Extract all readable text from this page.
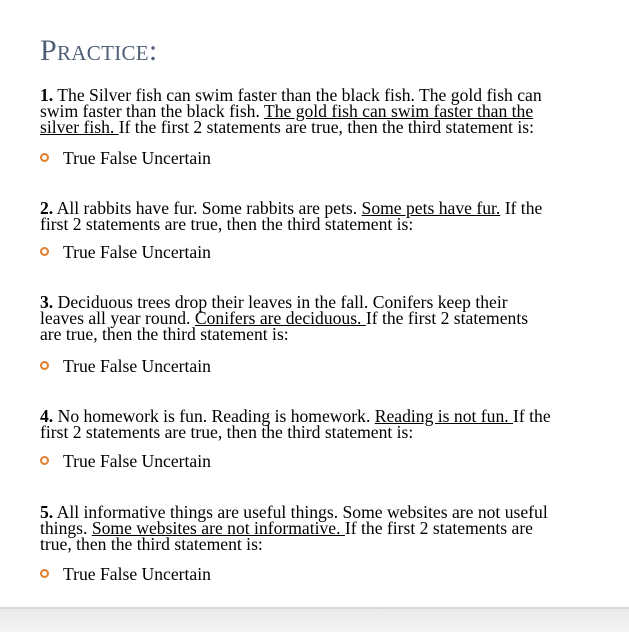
Practice:
1. The Silver fish can swim faster than the black fish. The gold fish can
swim faster than the black fish. The gold fish can swim faster than the
silver fish. If the first 2 statements are true, then the third statement is:
True False Uncertain
2. All rabbits have fur. Some rabbits are pets. Some pets have fur. If the
first 2 statements are true, then the third statement is:
True False Uncertain
3. Deciduous trees drop their leaves in the fall. Conifers keep their
leaves all year round. Conifers are deciduous. If the first 2 statements
are true, then the third statement is:
True False Uncertain
4. No homework is fun. Reading is homework. Reading is not fun. If the
first 2 statements are true, then the third statement is:
True False Uncertain
5. All informative things are useful things. Some websites are not useful
things. Some websites are not informative. If the first 2 statements are
true, then the third statement is:
True False Uncertain
